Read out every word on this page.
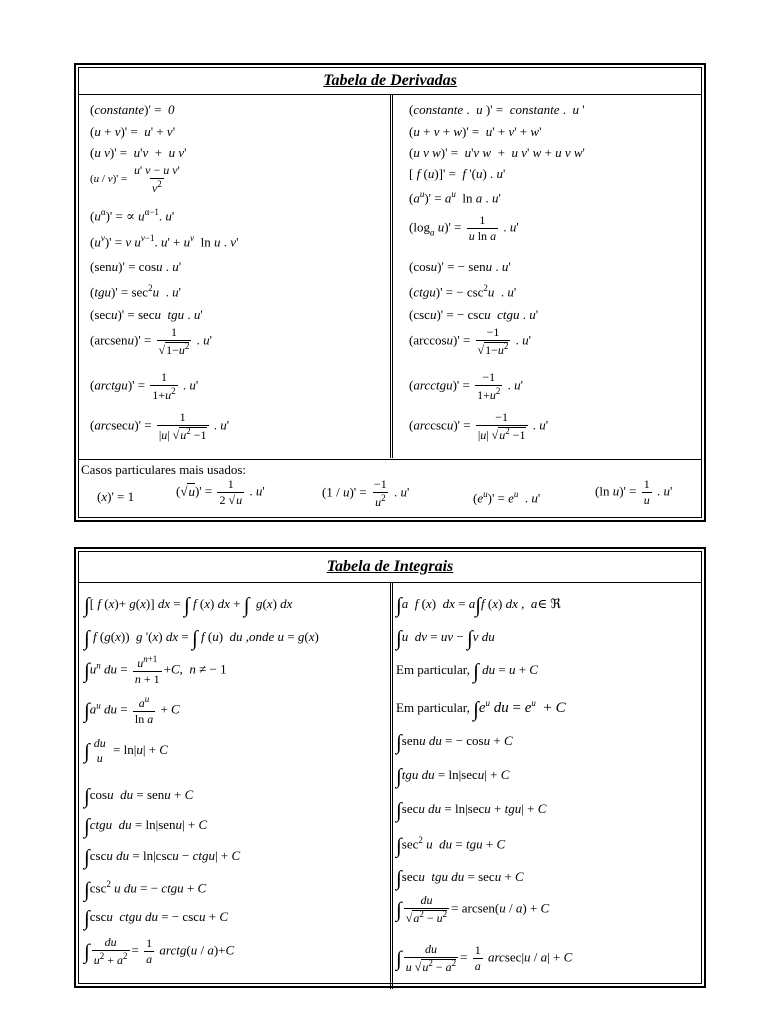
Tabela de Derivadas
(constante)' =  0
(u + v)' =  u' + v'
(u v)' =  u'v  +  u v'
$(u / v)' = \frac{\text{u' v − u v'}}{v^2}$
$(u^\alpha)'$ = ∝ $u^{\alpha-1}$. u'
$(u^v)' = v$ $u^{v-1}$. $u' + u^v$  ln u . v'
(senu)' = cosu . u'
$(tgu)' = \sec^2u$  . u'
(secu)' = secu  tgu . u'
(arcsenu)' = $\frac{1}{√1-u^2}$ . u'
(arctgu)' = $\frac{1}{1+u^2}$ . u'
$(arcsecu)' = \frac{1}{|u| √u^2 -1}$ . u'
(constante .  u )' =  constante .  u '
(u + v + w)' =  u' + v' + w'
(u v w)' =  u'v w  +  u v' w + u v w'
[ f (u)]' =  f '(u) . u'
$(a^u)' = a^u$  ln a . u'
($\log_a$ $u)' = \frac{1}{\text{u ln a}}$ . u'
(cosu)' = − senu . u'
(ctgu)' = − $\csc^2u$  . u'
(cscu)' = − cscu  ctgu . u'
$(\arccos u)' = \frac{-1}{√1-u^2}$ . u'
(arcctgu)' = $\frac{-1}{1+u^2}$ . u'
$(arccscu)' = \frac{-1}{|u| √u^2 -1}$ . u'
Casos particulares mais usados:
(x)' = 1	$(√u)' = \frac{1}{2 √u}$ . u'	$(1 / u)' = \frac{-1}{u^2}$ . u'	$(e^u)' = e^u$  . u'	(ln $u)' = \frac{1}{u}$ . u'
Tabela de Integrais
∫[ f (x)+ g(x)] dx = ∫ f (x) dx + ∫ g(x) dx
∫ f (g(x))  g '(x) dx = ∫ f (u)  du ,onde u = g(x)
$\int u^n$ du = $\frac{u^{n+1}}{n + 1} +C$,  n ≠ − 1
$\int a^u$ du = $\frac{a^u}{\text{ln a}} + C$
∫ du
u
= ln|u| + C
∫cosu  du = senu + C
∫ctgu  du = ln|senu| + C
∫cscu du = ln|cscu − ctgu| + C
$\int\csc^2$ u du = − ctgu + C
∫cscu  ctgu du = − cscu + C
∫ $\frac{du}{u^2 + a^2} = \frac{1}{a}$ arctg(u / a)+C
∫a  f (x)  dx = a∫f (x) dx ,  a∈ ℜ
∫u  dv = uv − ∫v du
Em particular, ∫ du = u + C
Em particular, $\int e^u$ du = $e^u + C$
∫senu du = − cosu + C
∫tgu du = ln|secu| + C
∫secu du = ln|secu + tgu| + C
$\int\sec^2$ u  du = tgu + C
∫secu  tgu du = secu + C
∫ $\frac{du}{√a^2 - u^2}$ = arcsen(u / a) + C
∫ $\frac{du}{u √u^2 - a^2} = \frac{1}{a} arcsec|u / a| + C$
